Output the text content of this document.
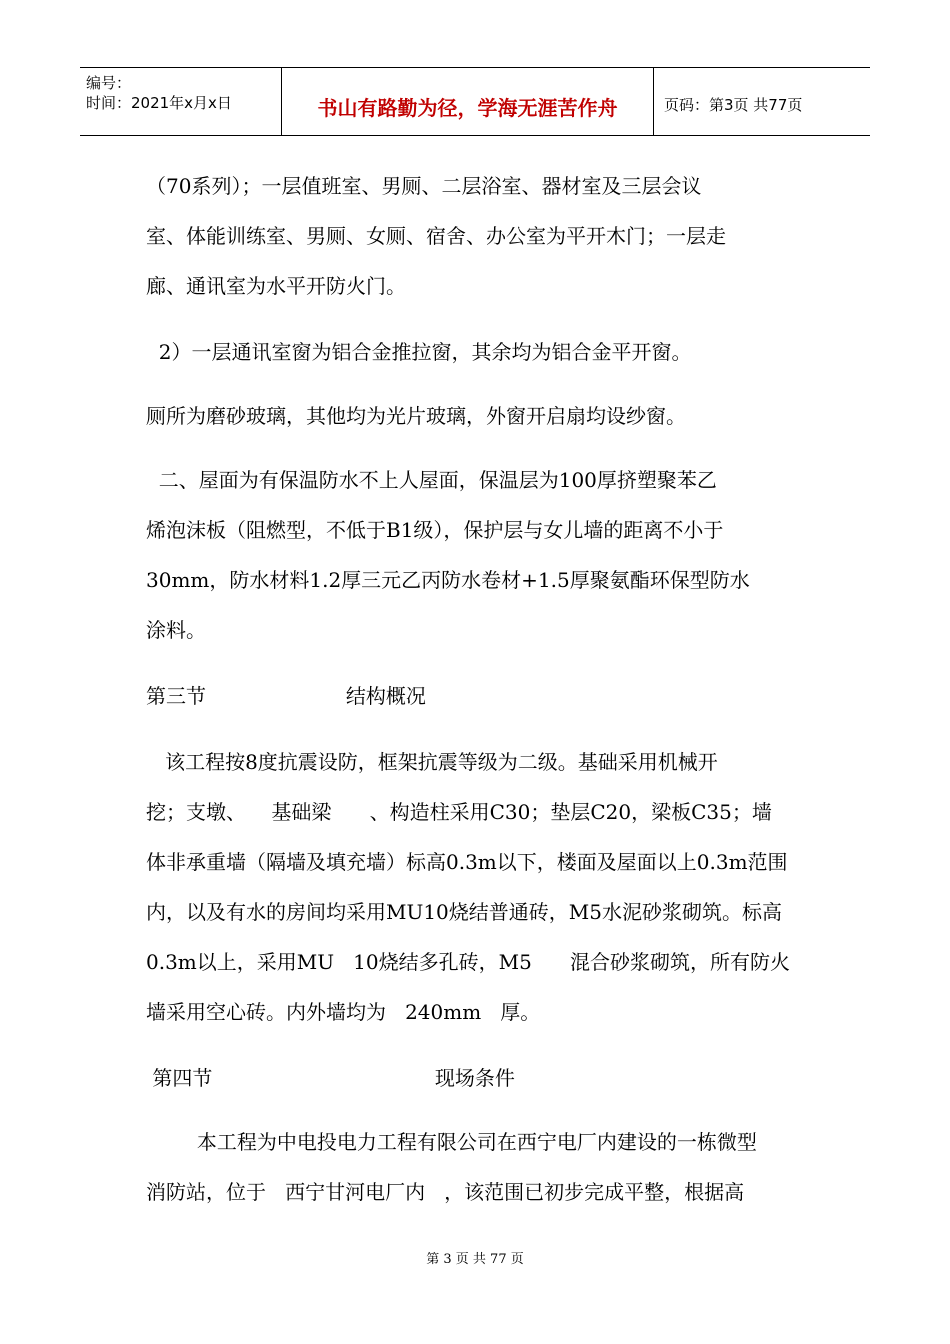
编号：
时间：2021年x月x日	书山有路勤为径，学海无涯苦作舟	页码：第3页 共77页
（70系列）；一层值班室、男厕、二层浴室、器材室及三层会议
室、体能训练室、男厕、女厕、宿舍、办公室为平开木门；一层走
廊、通讯室为水平开防火门。
2）一层通讯室窗为铝合金推拉窗，其余均为铝合金平开窗。
厕所为磨砂玻璃，其他均为光片玻璃，外窗开启扇均设纱窗。
二、屋面为有保温防水不上人屋面，保温层为100厚挤塑聚苯乙
烯泡沫板（阻燃型，不低于B1级），保护层与女儿墙的距离不小于
30mm，防水材料1.2厚三元乙丙防水卷材+1.5厚聚氨酯环保型防水
涂料。
第三节                      结构概况
该工程按8度抗震设防，框架抗震等级为二级。基础采用机械开
挖；支墩、    基础梁      、构造柱采用C30；垫层C20，梁板C35；墙
体非承重墙（隔墙及填充墙）标高0.3m以下，楼面及屋面以上0.3m范围
内，以及有水的房间均采用MU10烧结普通砖，M5水泥砂浆砌筑。标高
0.3m以上，采用MU   10烧结多孔砖，M5      混合砂浆砌筑，所有防火
墙采用空心砖。内外墙均为   240mm   厚。
第四节                                   现场条件
本工程为中电投电力工程有限公司在西宁电厂内建设的一栋微型
消防站，位于   西宁甘河电厂内   ，该范围已初步完成平整，根据高
第 3 页 共 77 页
